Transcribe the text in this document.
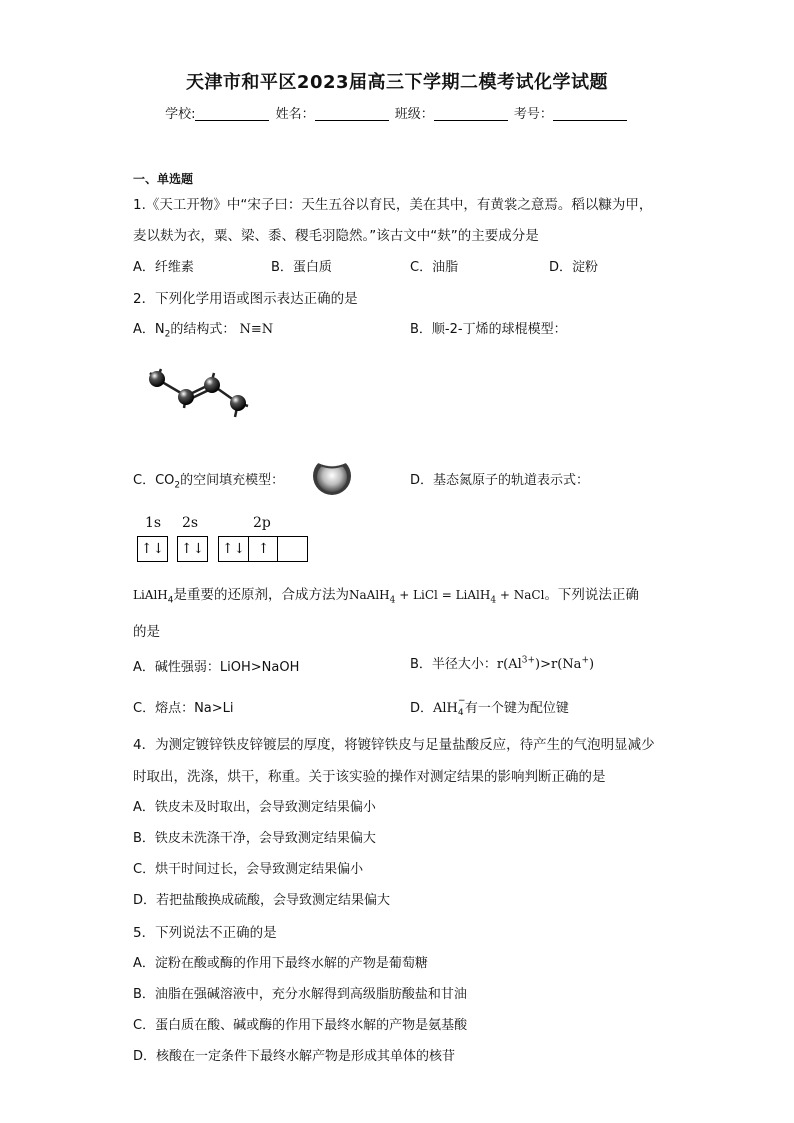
天津市和平区2023届高三下学期二模考试化学试题
学校:	姓名：	班级：	考号：
一、单选题
1.《天工开物》中“宋子曰：天生五谷以育民，美在其中，有黄裳之意焉。稻以糠为甲，
麦以麸为衣，粟、梁、黍、稷毛羽隐然。”该古文中“麸”的主要成分是
A．纤维素	B．蛋白质	C．油脂	D．淀粉
2．下列化学用语或图示表达正确的是
A．$N_2$的结构式： N≡N	B．顺-2-丁烯的球棍模型：
C．$CO_2$的空间填充模型：	D．基态氮原子的轨道表示式：
1s 2s	2p
↑↓ ↑↓ ↑↓ ↑
LiAlH$_4$是重要的还原剂，合成方法为NaAlH$_4$ + LiCl = LiAlH$_4$ + NaCl。下列说法正确
的是
A．碱性强弱：LiOH>NaOH	B．半径大小：$r(Al^{3+})>r(Na^+)$
C．熔点：Na>Li	D．AlH −
4 有一个键为配位键
4．为测定镀锌铁皮锌镀层的厚度，将镀锌铁皮与足量盐酸反应，待产生的气泡明显减少
时取出，洗涤，烘干，称重。关于该实验的操作对测定结果的影响判断正确的是
A．铁皮未及时取出，会导致测定结果偏小
B．铁皮未洗涤干净，会导致测定结果偏大
C．烘干时间过长，会导致测定结果偏小
D．若把盐酸换成硫酸，会导致测定结果偏大
5．下列说法不正确的是
A．淀粉在酸或酶的作用下最终水解的产物是葡萄糖
B．油脂在强碱溶液中，充分水解得到高级脂肪酸盐和甘油
C．蛋白质在酸、碱或酶的作用下最终水解的产物是氨基酸
D．核酸在一定条件下最终水解产物是形成其单体的核苷
